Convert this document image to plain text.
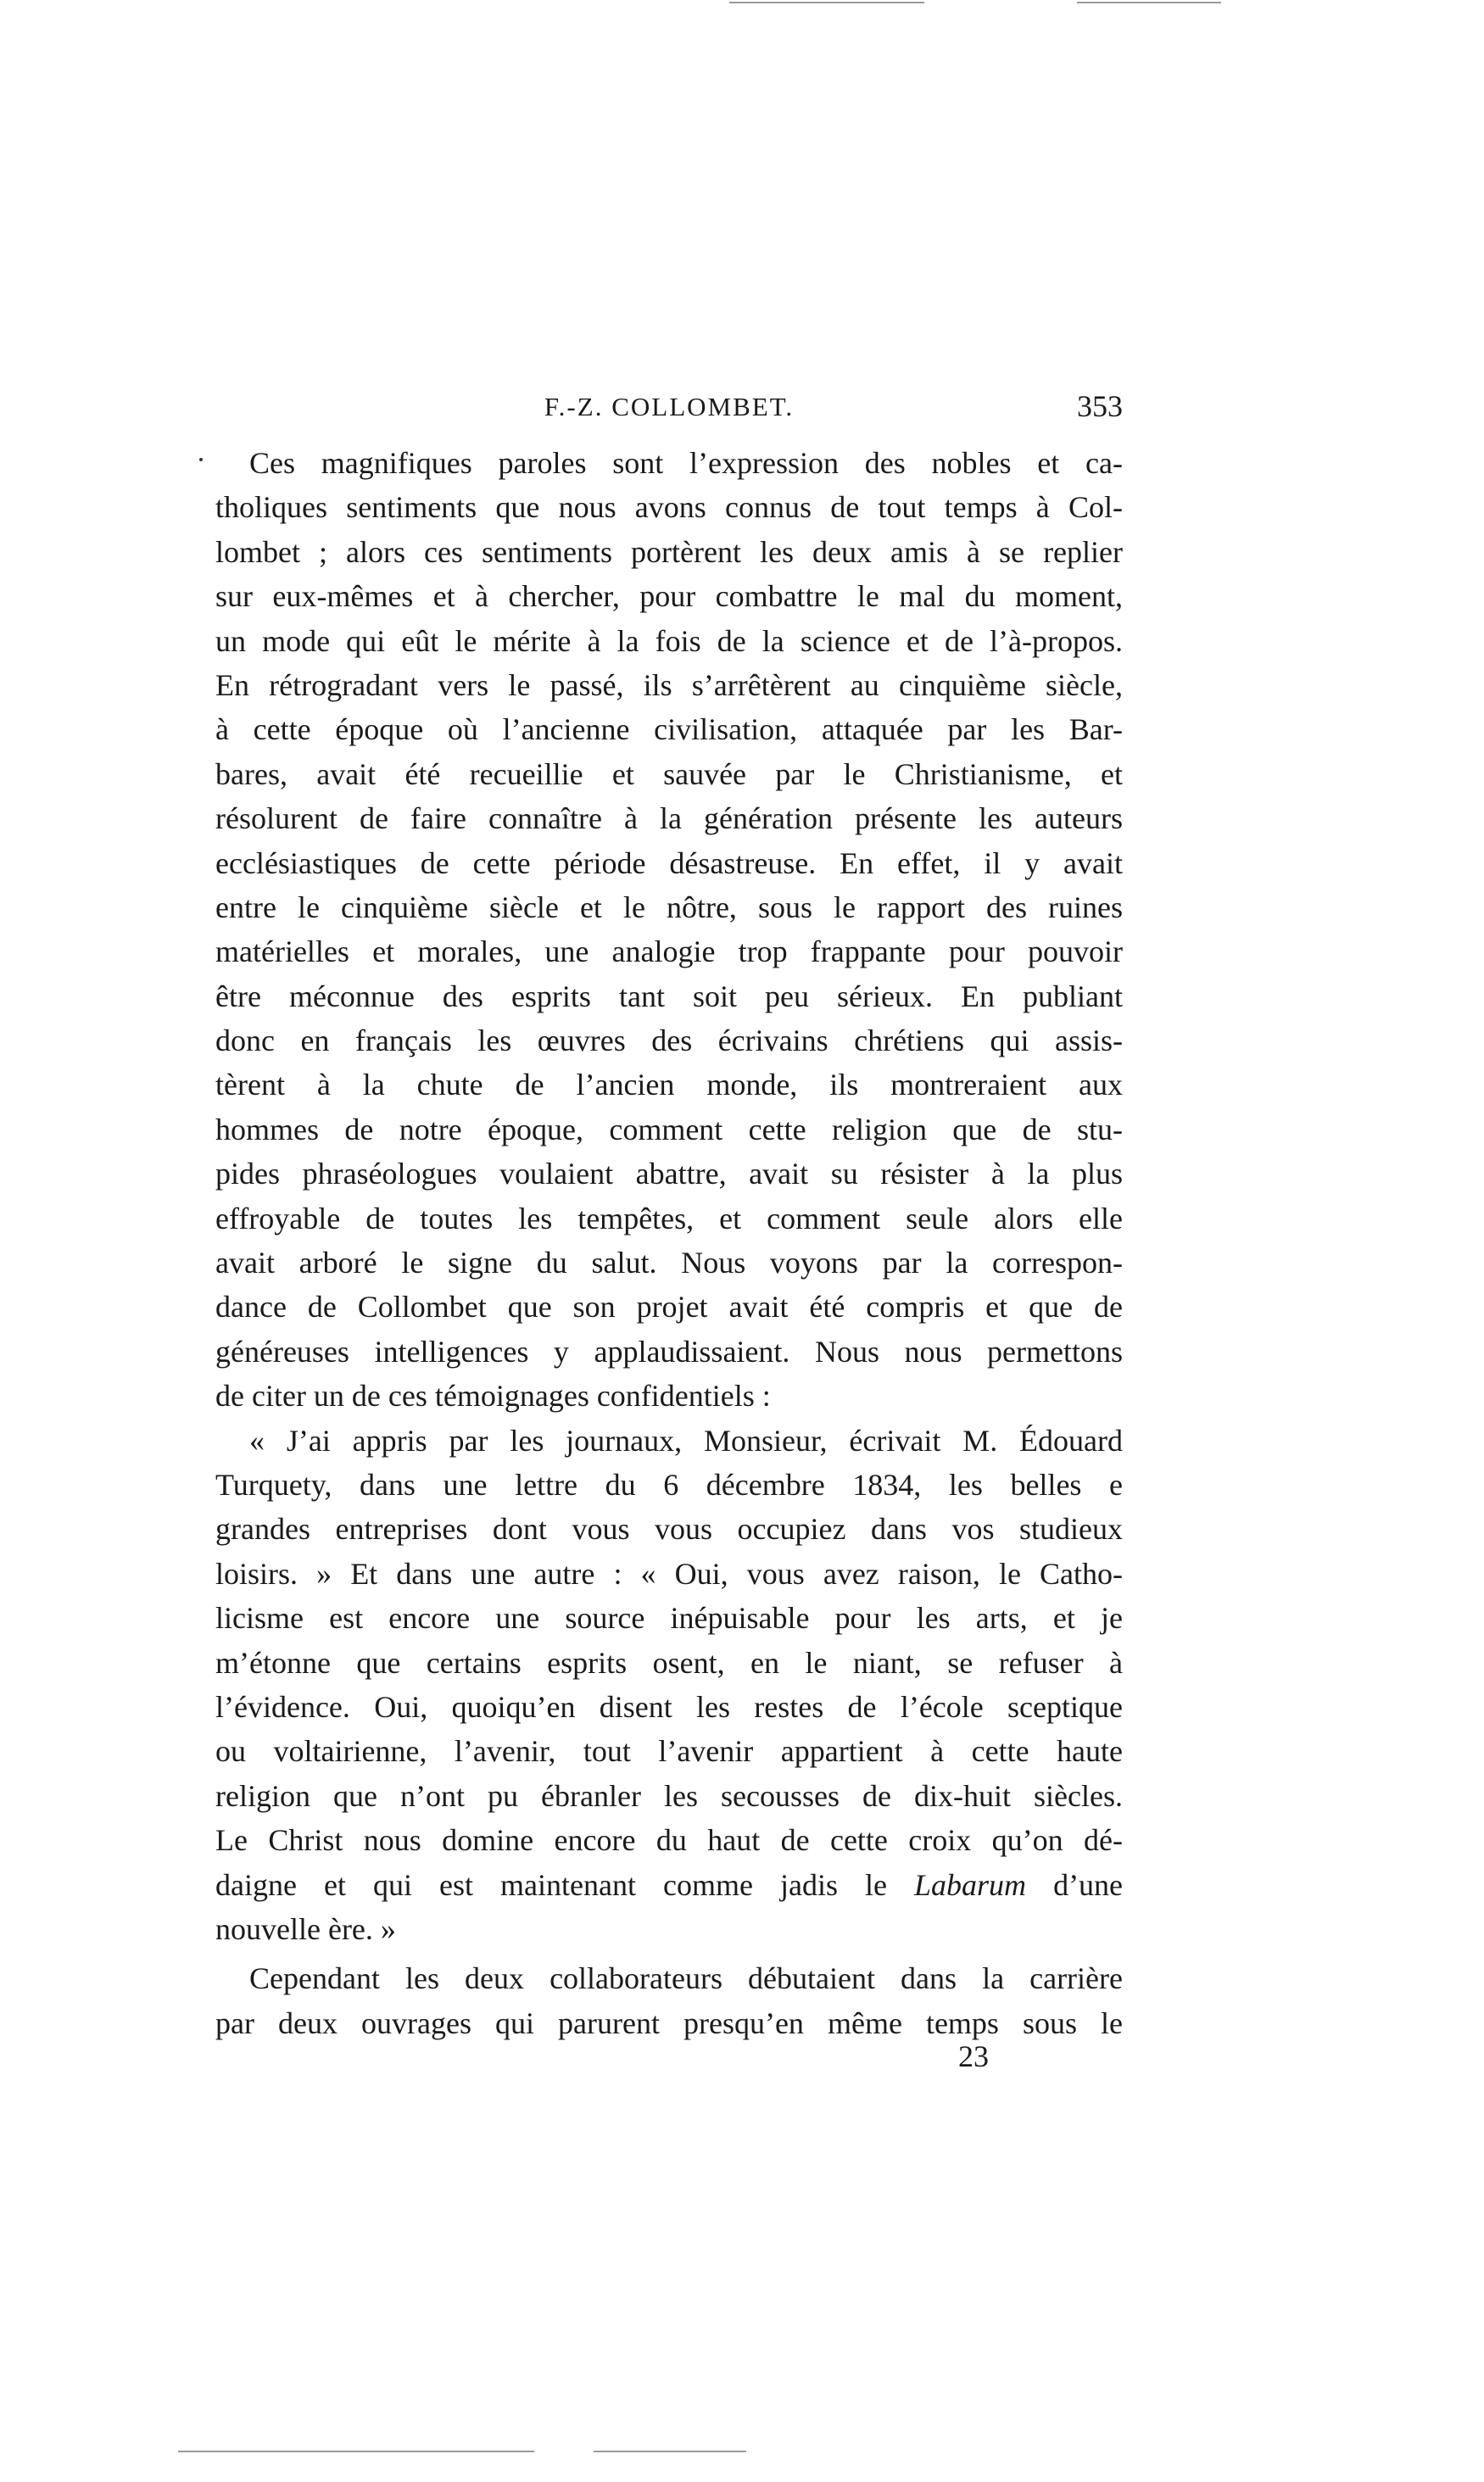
F.-Z. COLLOMBET.	353
Ces magnifiques paroles sont l’expression des nobles et ca-
tholiques sentiments que nous avons connus de tout temps à Col-
lombet ; alors ces sentiments portèrent les deux amis à se replier
sur eux-mêmes et à chercher, pour combattre le mal du moment,
un mode qui eût le mérite à la fois de la science et de l’à-propos.
En rétrogradant vers le passé, ils s’arrêtèrent au cinquième siècle,
à cette époque où l’ancienne civilisation, attaquée par les Bar-
bares, avait été recueillie et sauvée par le Christianisme, et
résolurent de faire connaître à la génération présente les auteurs
ecclésiastiques de cette période désastreuse. En effet, il y avait
entre le cinquième siècle et le nôtre, sous le rapport des ruines
matérielles et morales, une analogie trop frappante pour pouvoir
être méconnue des esprits tant soit peu sérieux. En publiant
donc en français les œuvres des écrivains chrétiens qui assis-
tèrent à la chute de l’ancien monde, ils montreraient aux
hommes de notre époque, comment cette religion que de stu-
pides phraséologues voulaient abattre, avait su résister à la plus
effroyable de toutes les tempêtes, et comment seule alors elle
avait arboré le signe du salut. Nous voyons par la correspon-
dance de Collombet que son projet avait été compris et que de
généreuses intelligences y applaudissaient. Nous nous permettons
de citer un de ces témoignages confidentiels :
« J’ai appris par les journaux, Monsieur, écrivait M. Édouard
Turquety, dans une lettre du 6 décembre 1834, les belles e
grandes entreprises dont vous vous occupiez dans vos studieux
loisirs. » Et dans une autre : « Oui, vous avez raison, le Catho-
licisme est encore une source inépuisable pour les arts, et je
m’étonne que certains esprits osent, en le niant, se refuser à
l’évidence. Oui, quoiqu’en disent les restes de l’école sceptique
ou voltairienne, l’avenir, tout l’avenir appartient à cette haute
religion que n’ont pu ébranler les secousses de dix-huit siècles.
Le Christ nous domine encore du haut de cette croix qu’on dé-
daigne et qui est maintenant comme jadis le Labarum d’une
nouvelle ère. »
Cependant les deux collaborateurs débutaient dans la carrière
par deux ouvrages qui parurent presqu’en même temps sous le
23
